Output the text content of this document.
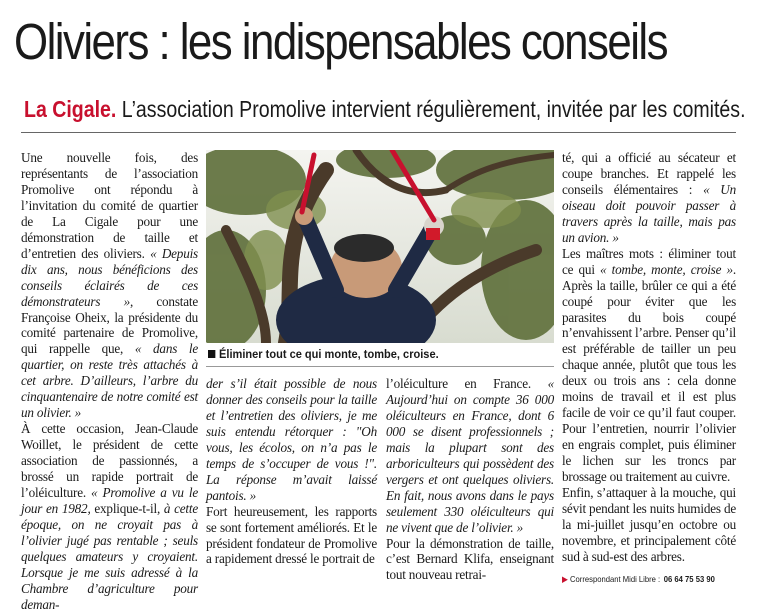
Oliviers : les indispensables conseils
La Cigale. L’association Promolive intervient régulièrement, invitée par les comités.

Une nouvelle fois, des représentants de l’association Promolive ont répondu à l’invitation du comité de quartier de La Cigale pour une démonstration de taille et d’entretien des oliviers. « Depuis dix ans, nous bénéficions des conseils éclairés de ces démonstrateurs », constate Françoise Oheix, la présidente du comité partenaire de Promolive, qui rappelle que, « dans le quartier, on reste très attachés à cet arbre. D’ailleurs, l’arbre du cinquantenaire de notre comité est un olivier. »

À cette occasion, Jean-Claude Woillet, le président de cette association de passionnés, a brossé un rapide portrait de l’oléiculture. « Promolive a vu le jour en 1982, explique-t-il, à cette époque, on ne croyait pas à l’olivier jugé pas rentable ; seuls quelques amateurs y croyaient. Lorsque je me suis adressé à la Chambre d’agriculture pour deman-

Éliminer tout ce qui monte, tombe, croise.

der s’il était possible de nous donner des conseils pour la taille et l’entretien des oliviers, je me suis entendu rétorquer : "Oh vous, les écolos, on n’a pas le temps de s’occuper de vous !". La réponse m’avait laissé pantois. »

Fort heureusement, les rapports se sont fortement améliorés. Et le président fondateur de Promolive a rapidement dressé le portrait de

l’oléiculture en France. « Aujourd’hui on compte 36 000 oléiculteurs en France, dont 6 000 se disent professionnels ; mais la plupart sont des arboriculteurs qui possèdent des vergers et ont quelques oliviers. En fait, nous avons dans le pays seulement 330 oléiculteurs qui ne vivent que de l’olivier. »

Pour la démonstration de taille, c’est Bernard Klifa, enseignant tout nouveau retrai-

té, qui a officié au sécateur et coupe branches. Et rappelé les conseils élémentaires : « Un oiseau doit pouvoir passer à travers après la taille, mais pas un avion. »

Les maîtres mots : éliminer tout ce qui « tombe, monte, croise ». Après la taille, brûler ce qui a été coupé pour éviter que les parasites du bois coupé n’envahissent l’arbre. Penser qu’il est préférable de tailler un peu chaque année, plutôt que tous les deux ou trois ans : cela donne moins de travail et il est plus facile de voir ce qu’il faut couper. Pour l’entretien, nourrir l’olivier en engrais complet, puis éliminer le lichen sur les troncs par brossage ou traitement au cuivre.

Enfin, s’attaquer à la mouche, qui sévit pendant les nuits humides de la mi-juillet jusqu’en octobre ou novembre, et principalement côté sud à sud-est des arbres.

▶ Correspondant Midi Libre : 06 64 75 53 90
